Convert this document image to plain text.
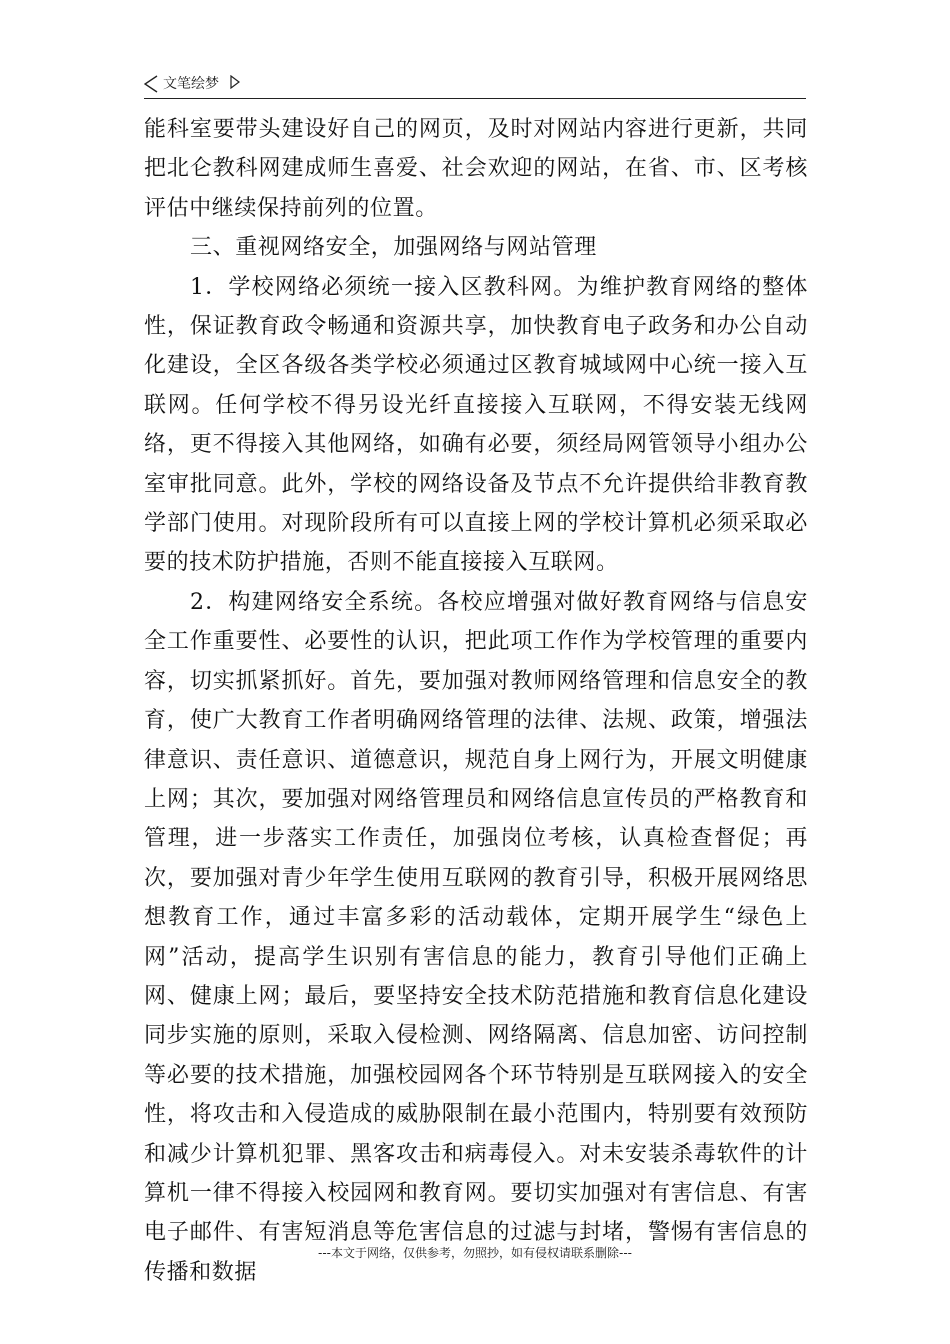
文笔绘梦

能科室要带头建设好自己的网页，及时对网站内容进行更新，共同把北仑教科网建成师生喜爱、社会欢迎的网站，在省、市、区考核评估中继续保持前列的位置。

三、重视网络安全，加强网络与网站管理

1．学校网络必须统一接入区教科网。为维护教育网络的整体性，保证教育政令畅通和资源共享，加快教育电子政务和办公自动化建设，全区各级各类学校必须通过区教育城域网中心统一接入互联网。任何学校不得另设光纤直接接入互联网，不得安装无线网络，更不得接入其他网络，如确有必要，须经局网管领导小组办公室审批同意。此外，学校的网络设备及节点不允许提供给非教育教学部门使用。对现阶段所有可以直接上网的学校计算机必须采取必要的技术防护措施，否则不能直接接入互联网。

2．构建网络安全系统。各校应增强对做好教育网络与信息安全工作重要性、必要性的认识，把此项工作作为学校管理的重要内容，切实抓紧抓好。首先，要加强对教师网络管理和信息安全的教育，使广大教育工作者明确网络管理的法律、法规、政策，增强法律意识、责任意识、道德意识，规范自身上网行为，开展文明健康上网；其次，要加强对网络管理员和网络信息宣传员的严格教育和管理，进一步落实工作责任，加强岗位考核，认真检查督促；再次，要加强对青少年学生使用互联网的教育引导，积极开展网络思想教育工作，通过丰富多彩的活动载体，定期开展学生“绿色上网”活动，提高学生识别有害信息的能力，教育引导他们正确上网、健康上网；最后，要坚持安全技术防范措施和教育信息化建设同步实施的原则，采取入侵检测、网络隔离、信息加密、访问控制等必要的技术措施，加强校园网各个环节特别是互联网接入的安全性，将攻击和入侵造成的威胁限制在最小范围内，特别要有效预防和减少计算机犯罪、黑客攻击和病毒侵入。对未安装杀毒软件的计算机一律不得接入校园网和教育网。要切实加强对有害信息、有害电子邮件、有害短消息等危害信息的过滤与封堵，警惕有害信息的传播和数据

---本文于网络，仅供参考，勿照抄，如有侵权请联系删除---
